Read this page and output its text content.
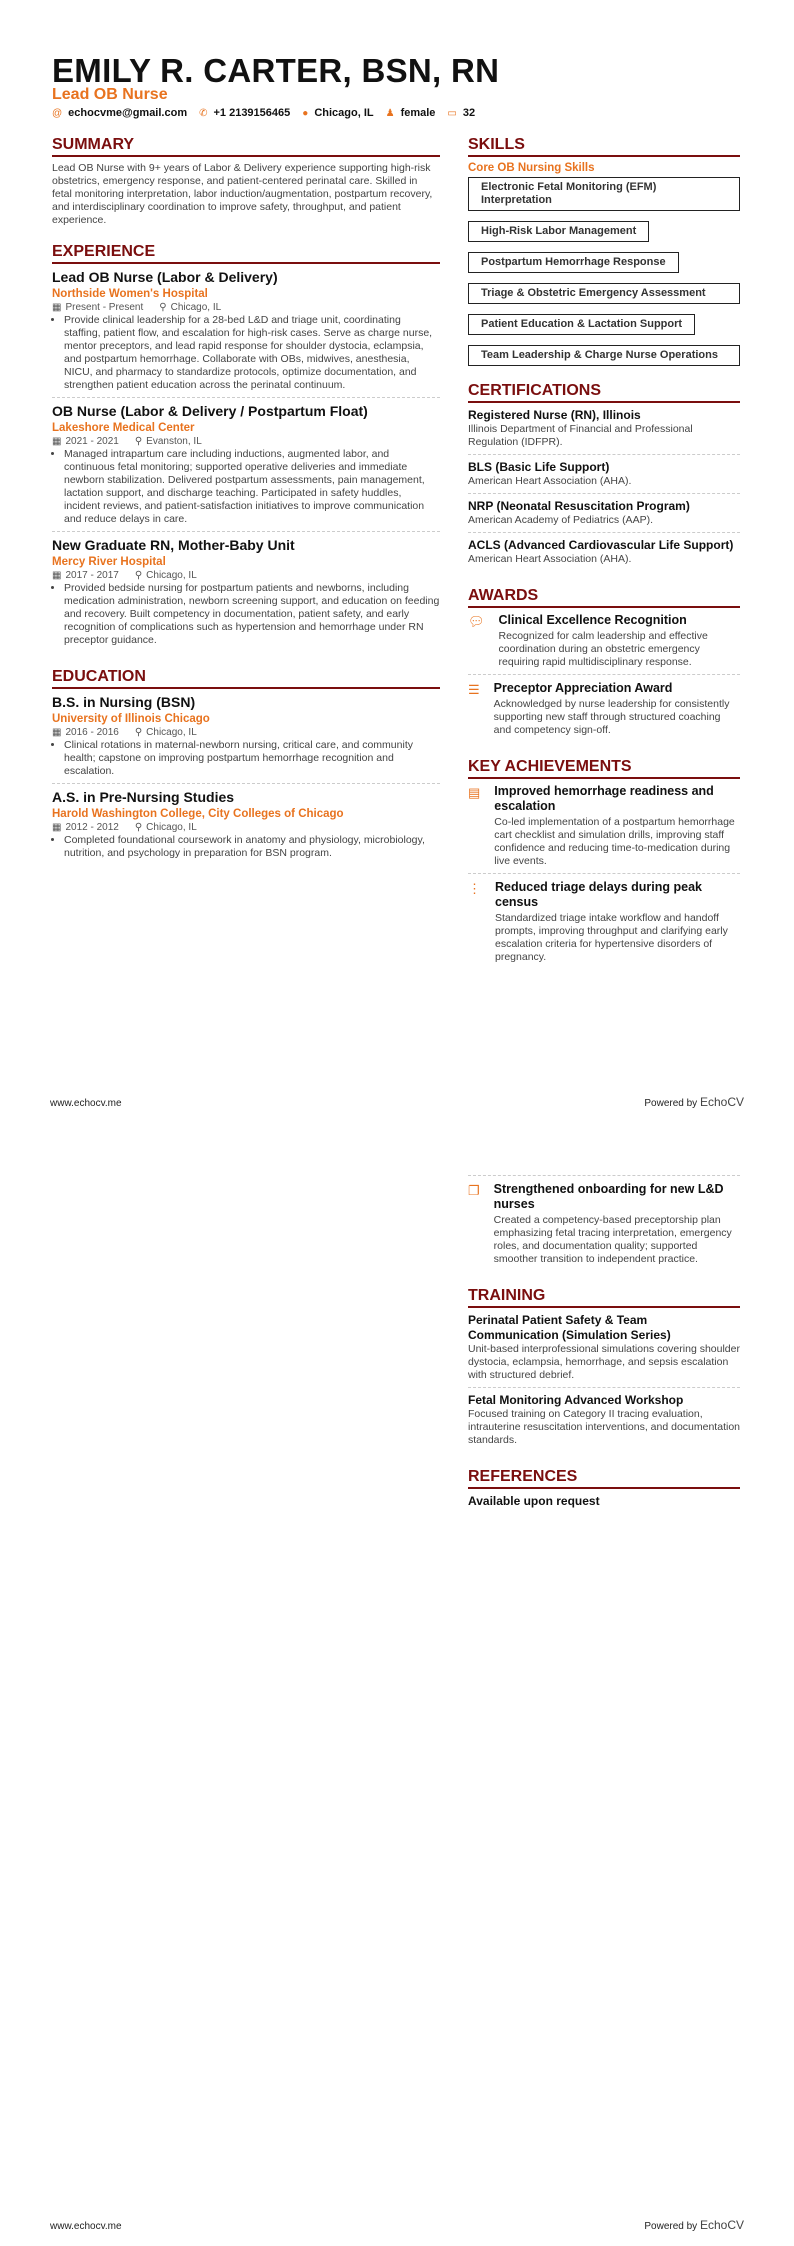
EMILY R. CARTER, BSN, RN
Lead OB Nurse
@ echocvme@gmail.com ✆ +1 2139156465 ● Chicago, IL ♟ female ▭ 32
SUMMARY
Lead OB Nurse with 9+ years of Labor & Delivery experience supporting high-risk obstetrics, emergency response, and patient-centered perinatal care. Skilled in fetal monitoring interpretation, labor induction/augmentation, postpartum recovery, and interdisciplinary coordination to improve safety, throughput, and patient experience.
EXPERIENCE
Lead OB Nurse (Labor & Delivery)
Northside Women's Hospital
▦ Present - Present ⚲ Chicago, IL
• Provide clinical leadership for a 28-bed L&D and triage unit, coordinating staffing, patient flow, and escalation for high-risk cases. Serve as charge nurse, mentor preceptors, and lead rapid response for shoulder dystocia, eclampsia, and postpartum hemorrhage. Collaborate with OBs, midwives, anesthesia, NICU, and pharmacy to standardize protocols, optimize documentation, and strengthen patient education across the perinatal continuum.
OB Nurse (Labor & Delivery / Postpartum Float)
Lakeshore Medical Center
▦ 2021 - 2021 ⚲ Evanston, IL
• Managed intrapartum care including inductions, augmented labor, and continuous fetal monitoring; supported operative deliveries and immediate newborn stabilization. Delivered postpartum assessments, pain management, lactation support, and discharge teaching. Participated in safety huddles, incident reviews, and patient-satisfaction initiatives to improve communication and reduce delays in care.
New Graduate RN, Mother-Baby Unit
Mercy River Hospital
▦ 2017 - 2017 ⚲ Chicago, IL
• Provided bedside nursing for postpartum patients and newborns, including medication administration, newborn screening support, and education on feeding and recovery. Built competency in documentation, patient safety, and early recognition of complications such as hypertension and hemorrhage under RN preceptor guidance.
EDUCATION
B.S. in Nursing (BSN)
University of Illinois Chicago
▦ 2016 - 2016 ⚲ Chicago, IL
• Clinical rotations in maternal-newborn nursing, critical care, and community health; capstone on improving postpartum hemorrhage recognition and escalation.
A.S. in Pre-Nursing Studies
Harold Washington College, City Colleges of Chicago
▦ 2012 - 2012 ⚲ Chicago, IL
• Completed foundational coursework in anatomy and physiology, microbiology, nutrition, and psychology in preparation for BSN program.
SKILLS
Core OB Nursing Skills
Electronic Fetal Monitoring (EFM) Interpretation
High-Risk Labor Management
Postpartum Hemorrhage Response
Triage & Obstetric Emergency Assessment
Patient Education & Lactation Support
Team Leadership & Charge Nurse Operations
CERTIFICATIONS
Registered Nurse (RN), Illinois
Illinois Department of Financial and Professional Regulation (IDFPR).
BLS (Basic Life Support)
American Heart Association (AHA).
NRP (Neonatal Resuscitation Program)
American Academy of Pediatrics (AAP).
ACLS (Advanced Cardiovascular Life Support)
American Heart Association (AHA).
AWARDS
💬︎ Clinical Excellence Recognition
Recognized for calm leadership and effective coordination during an obstetric emergency requiring rapid multidisciplinary response.
☰ Preceptor Appreciation Award
Acknowledged by nurse leadership for consistently supporting new staff through structured coaching and competency sign-off.
KEY ACHIEVEMENTS
▤ Improved hemorrhage readiness and escalation
Co-led implementation of a postpartum hemorrhage cart checklist and simulation drills, improving staff confidence and reducing time-to-medication during live events.
⋮ Reduced triage delays during peak census
Standardized triage intake workflow and handoff prompts, improving throughput and clarifying early escalation criteria for hypertensive disorders of pregnancy.
www.echocv.me	Powered by EchoCV
❐ Strengthened onboarding for new L&D nurses
Created a competency-based preceptorship plan emphasizing fetal tracing interpretation, emergency roles, and documentation quality; supported smoother transition to independent practice.
TRAINING
Perinatal Patient Safety & Team Communication (Simulation Series)
Unit-based interprofessional simulations covering shoulder dystocia, eclampsia, hemorrhage, and sepsis escalation with structured debrief.
Fetal Monitoring Advanced Workshop
Focused training on Category II tracing evaluation, intrauterine resuscitation interventions, and documentation standards.
REFERENCES
Available upon request
www.echocv.me	Powered by EchoCV
